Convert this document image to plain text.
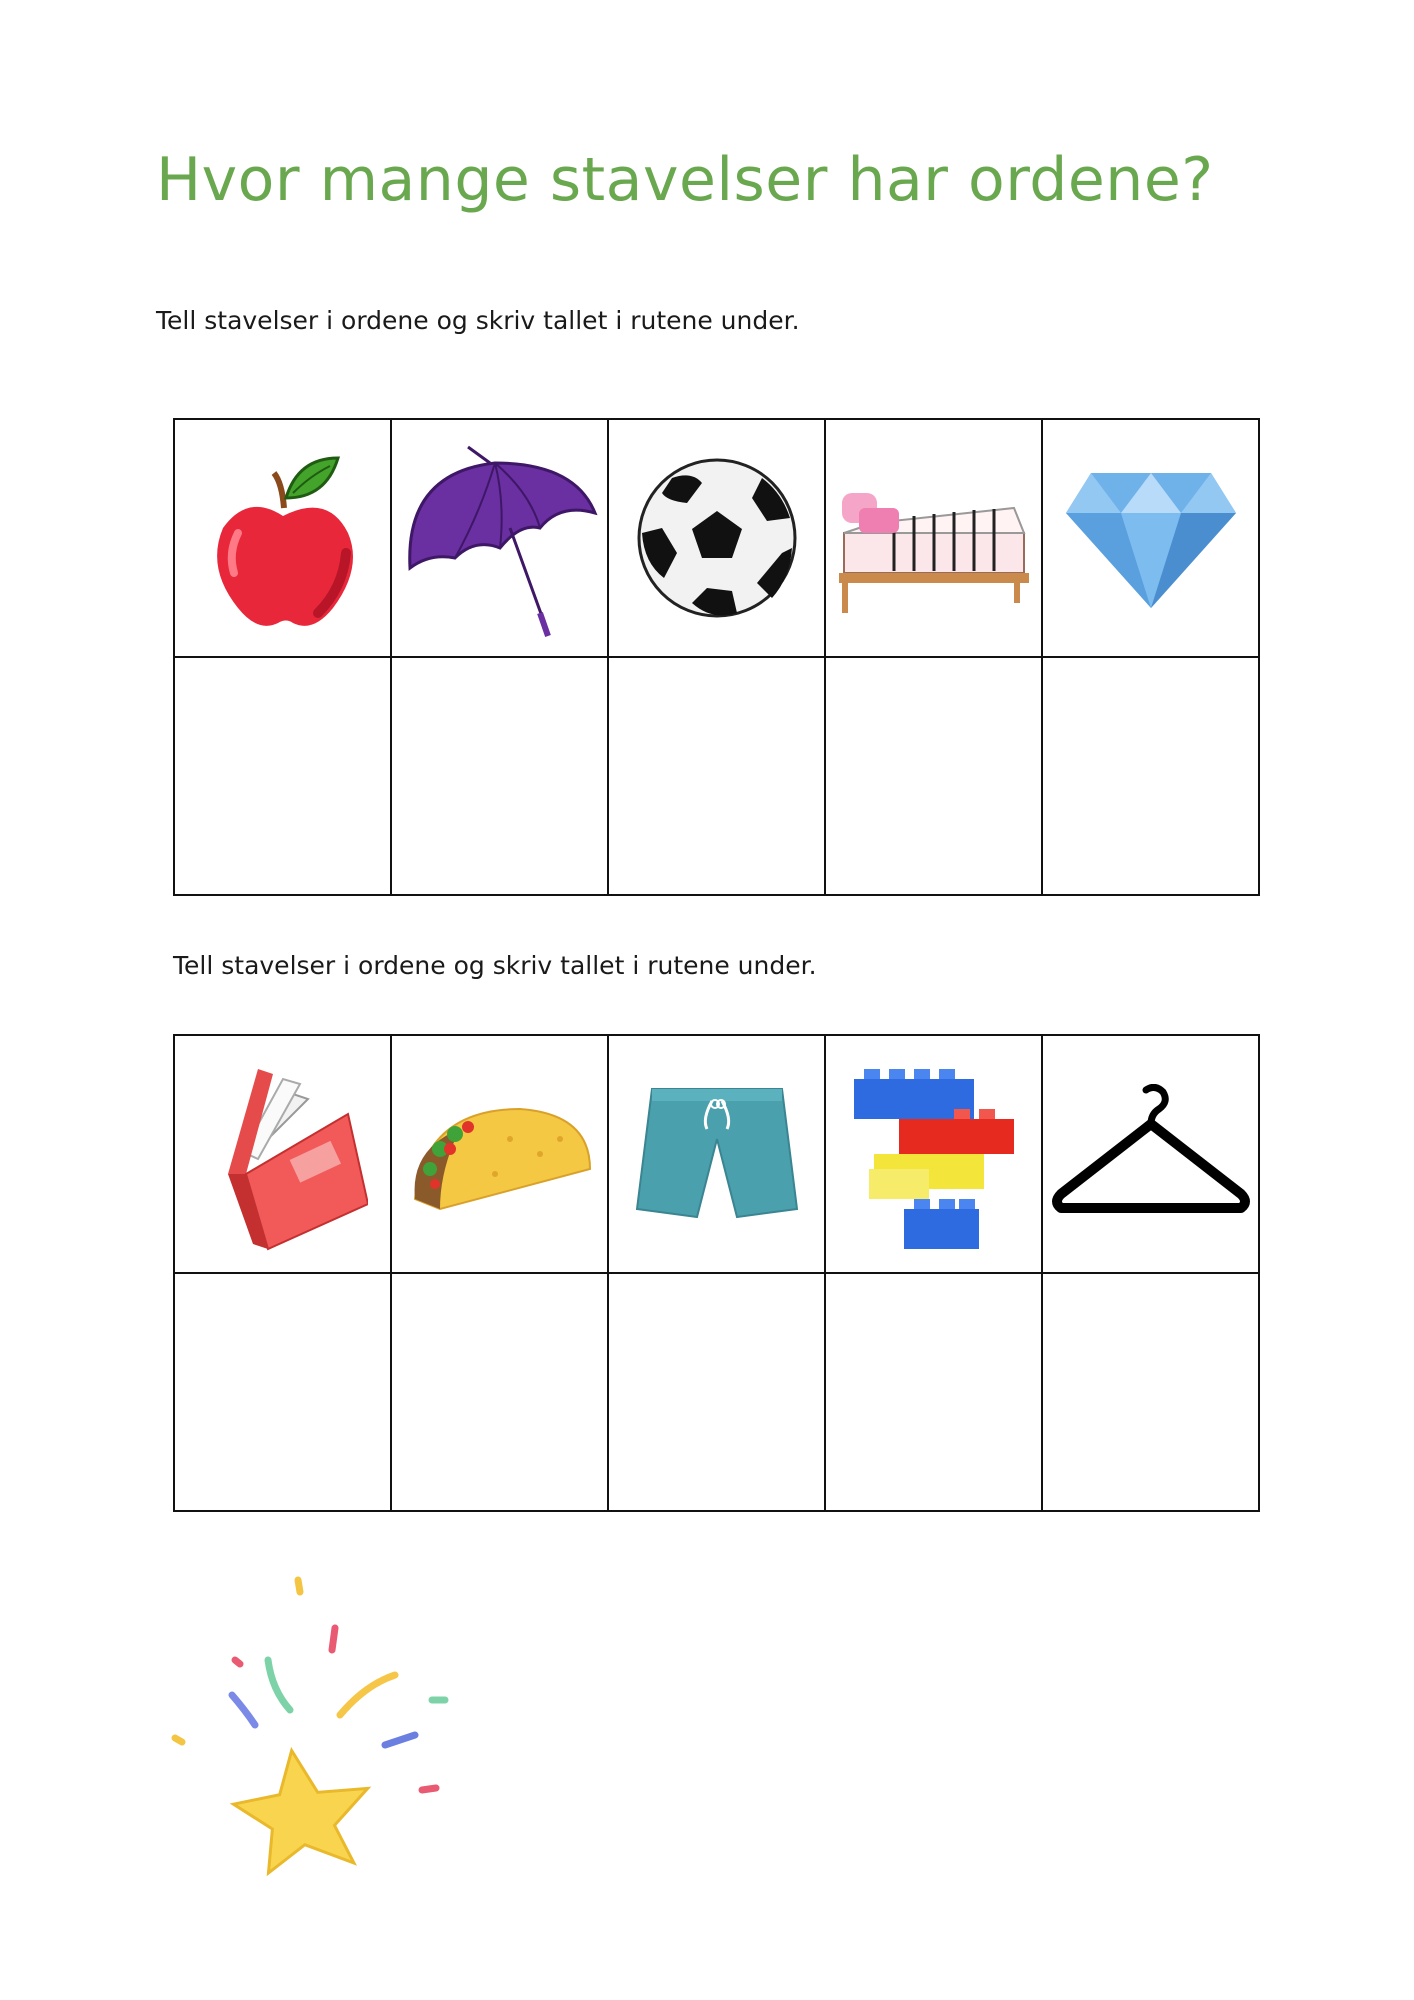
Hvor mange stavelser har ordene?

Tell stavelser i ordene og skriv tallet i rutene under.

Tell stavelser i ordene og skriv tallet i rutene under.
